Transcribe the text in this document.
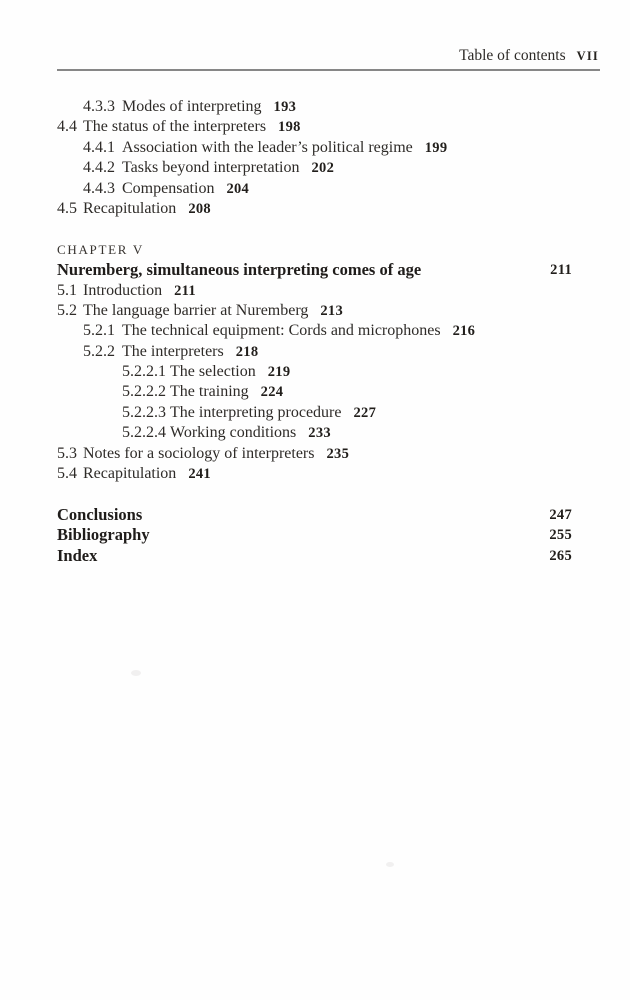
Table of contents VII
4.3.3 Modes of interpreting 193
4.4 The status of the interpreters 198
4.4.1 Association with the leader’s political regime 199
4.4.2 Tasks beyond interpretation 202
4.4.3 Compensation 204
4.5 Recapitulation 208
CHAPTER V
Nuremberg, simultaneous interpreting comes of age	211
5.1 Introduction 211
5.2 The language barrier at Nuremberg 213
5.2.1 The technical equipment: Cords and microphones 216
5.2.2 The interpreters 218
5.2.2.1 The selection 219
5.2.2.2 The training 224
5.2.2.3 The interpreting procedure 227
5.2.2.4 Working conditions 233
5.3 Notes for a sociology of interpreters 235
5.4 Recapitulation 241
Conclusions	247
Bibliography	255
Index	265
